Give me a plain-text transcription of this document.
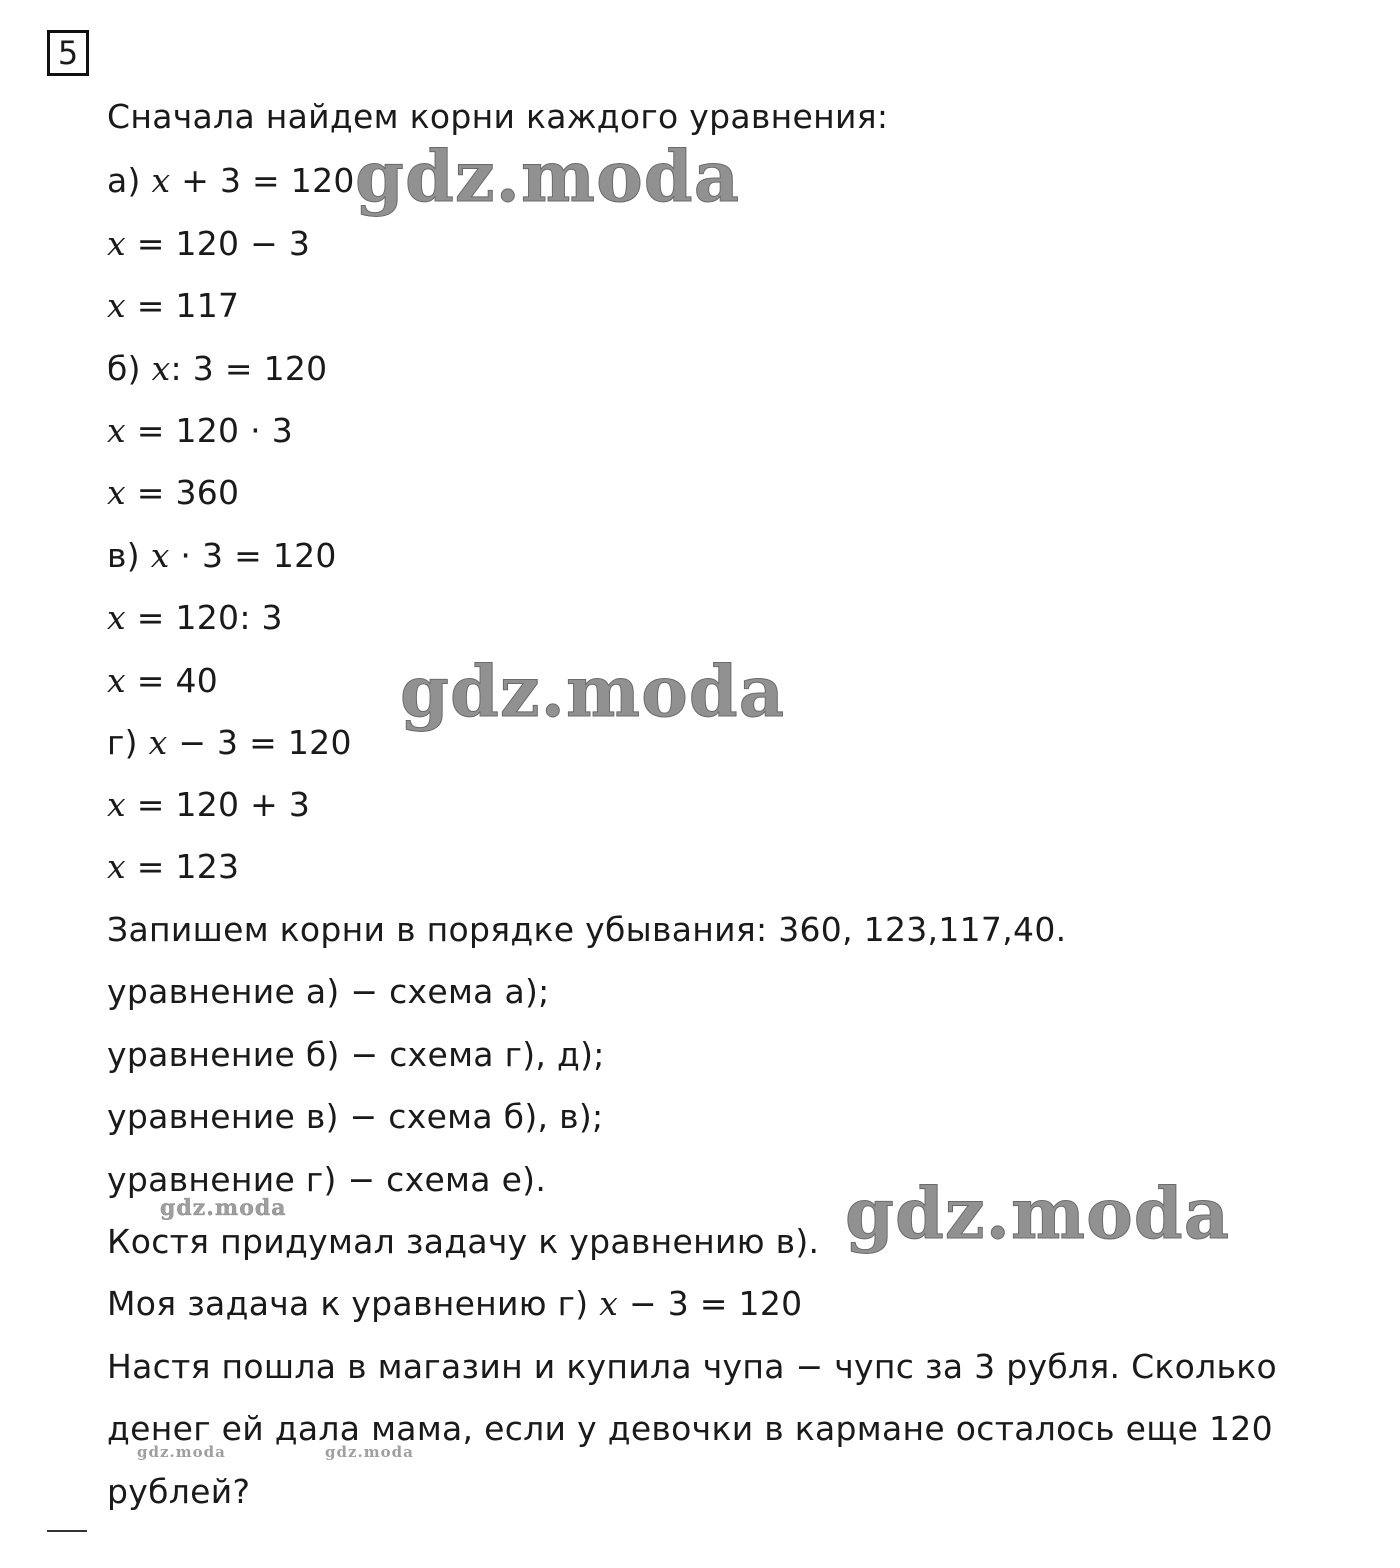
5
Сначала найдем корни каждого уравнения:
а) x + 3 = 120
x = 120 − 3
x = 117
б) x: 3 = 120
x = 120 · 3
x = 360
в) x · 3 = 120
x = 120: 3
x = 40
г) x − 3 = 120
x = 120 + 3
x = 123
Запишем корни в порядке убывания: 360, 123,117,40.
уравнение а) − схема а);
уравнение б) − схема г), д);
уравнение в) − схема б), в);
уравнение г) − схема е).
Костя придумал задачу к уравнению в).
Моя задача к уравнению г) x − 3 = 120
Настя пошла в магазин и купила чупа − чупс за 3 рубля. Сколько
денег ей дала мама, если у девочки в кармане осталось еще 120
рублей?
gdz.moda
gdz.moda
gdz.moda
gdz.moda
gdz.moda	gdz.moda
